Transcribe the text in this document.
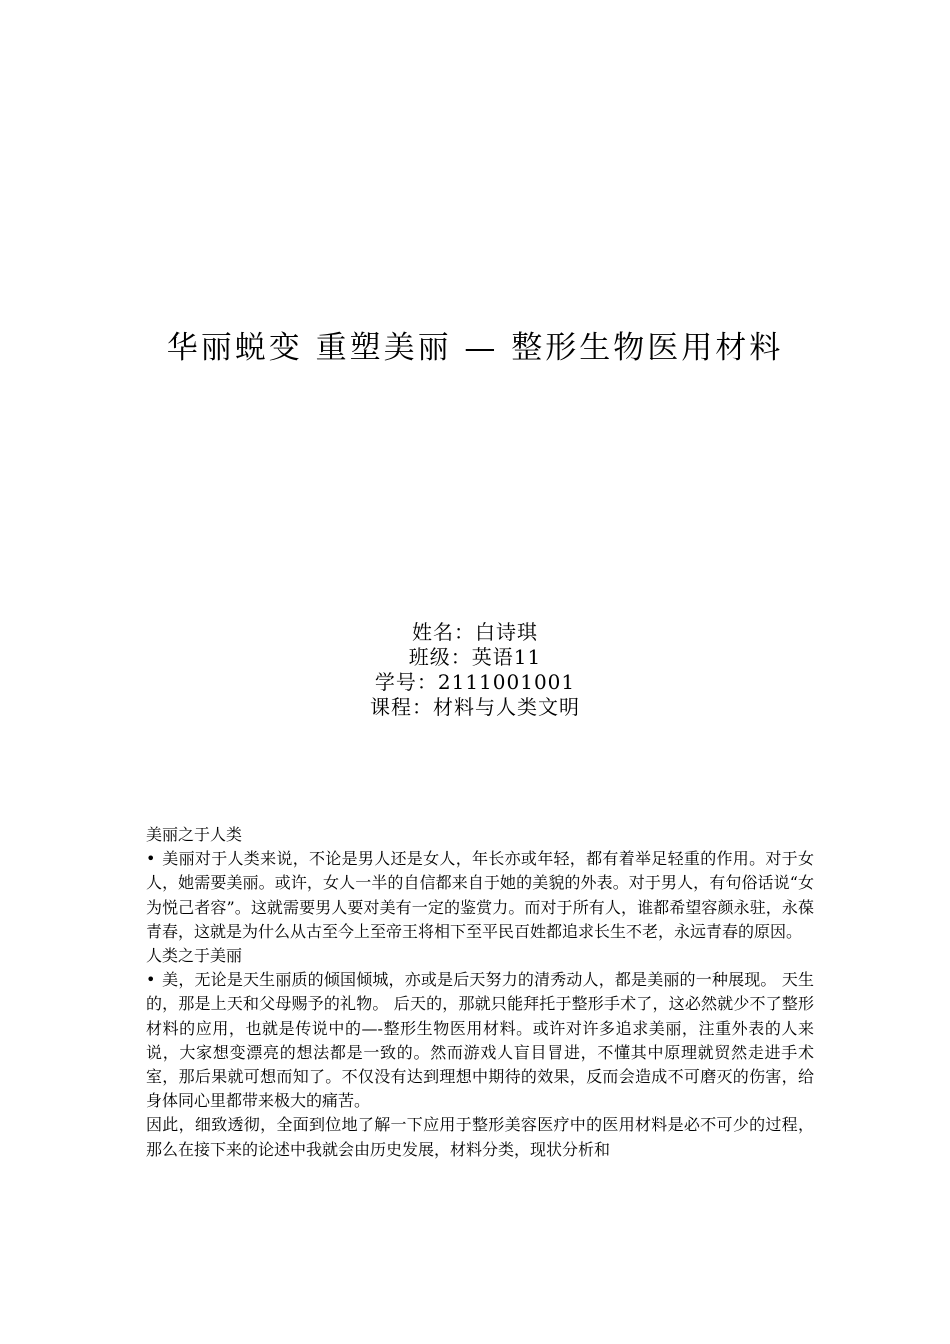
华丽蜕变 重塑美丽 — 整形生物医用材料
姓名：白诗琪
班级：英语11
学号：2111001001
课程：材料与人类文明
美丽之于人类

• 美丽对于人类来说，不论是男人还是女人，年长亦或年轻，都有着举足轻重的作用。对于女人，她需要美丽。或许，女人一半的自信都来自于她的美貌的外表。对于男人，有句俗话说“女为悦己者容”。这就需要男人要对美有一定的鉴赏力。而对于所有人，谁都希望容颜永驻，永葆青春，这就是为什么从古至今上至帝王将相下至平民百姓都追求长生不老，永远青春的原因。

人类之于美丽

• 美，无论是天生丽质的倾国倾城，亦或是后天努力的清秀动人，都是美丽的一种展现。 天生的，那是上天和父母赐予的礼物。 后天的，那就只能拜托于整形手术了，这必然就少不了整形材料的应用，也就是传说中的—-整形生物医用材料。或许对许多追求美丽，注重外表的人来说，大家想变漂亮的想法都是一致的。然而游戏人盲目冒进，不懂其中原理就贸然走进手术室，那后果就可想而知了。不仅没有达到理想中期待的效果，反而会造成不可磨灭的伤害，给身体同心里都带来极大的痛苦。

因此，细致透彻，全面到位地了解一下应用于整形美容医疗中的医用材料是必不可少的过程，那么在接下来的论述中我就会由历史发展，材料分类，现状分析和
